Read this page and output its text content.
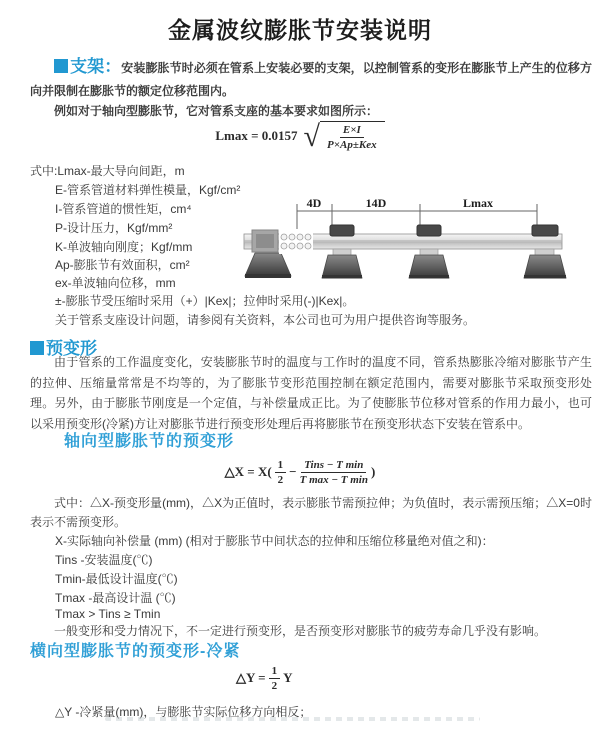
金属波纹膨胀节安装说明
支架：安装膨胀节时必须在管系上安装必要的支架，以控制管系的变形在膨胀节上产生的位移方向并限制在膨胀节的额定位移范围内。
例如对于轴向型膨胀节，它对管系支座的基本要求如图所示：
Lmax = 0.0157 √ $\frac{E\times I}{\text{P×Ap±Kex}}$
式中:Lmax-最大导向间距，m
E-管系管道材料弹性模量，Kgf/cm²
I-管系管道的惯性矩，cm⁴
P-设计压力，Kgf/mm²
K-单波轴向刚度；Kgf/mm
Ap-膨胀节有效面积，cm²
ex-单波轴向位移，mm
±-膨胀节受压缩时采用（+）|Kex|；拉伸时采用(-)|Kex|。
关于管系支座设计问题，请参阅有关资料，本公司也可为用户提供咨询等服务。
4D	14D	Lmax
预变形
由于管系的工作温度变化，安装膨胀节时的温度与工作时的温度不同，管系热膨胀冷缩对膨胀节产生的拉伸、压缩量常常是不均等的，为了膨胀节变形范围控制在额定范围内，需要对膨胀节采取预变形处理。另外，由于膨胀节刚度是一个定值，与补偿量成正比。为了使膨胀节位移对管系的作用力最小，也可以采用预变形(冷紧)方让对膨胀节进行预变形处理后再将膨胀节在预变形状态下安装在管系中。
轴向型膨胀节的预变形
△X = $X( \frac{1}{2} - \frac{\text{Tins − T min}}{\text{T max − T min}}$ )
式中：△X-预变形量(mm)，△X为正值时，表示膨胀节需预拉伸；为负值时，表示需预压缩；△X=0时表示不需预变形。
X-实际轴向补偿量 (mm) (相对于膨胀节中间状态的拉伸和压缩位移量绝对值之和)：
Tins -安装温度(℃)
Tmin-最低设计温度(℃)
Tmax -最高设计温 (℃)
Tmax > Tins ≥ Tmin
一般变形和受力情况下，不一定进行预变形，是否预变形对膨胀节的疲劳寿命几乎没有影响。
横向型膨胀节的预变形-冷紧
△Y = $\frac{1}{2}$ Y
△Y -冷紧量(mm)，与膨胀节实际位移方向相反；
